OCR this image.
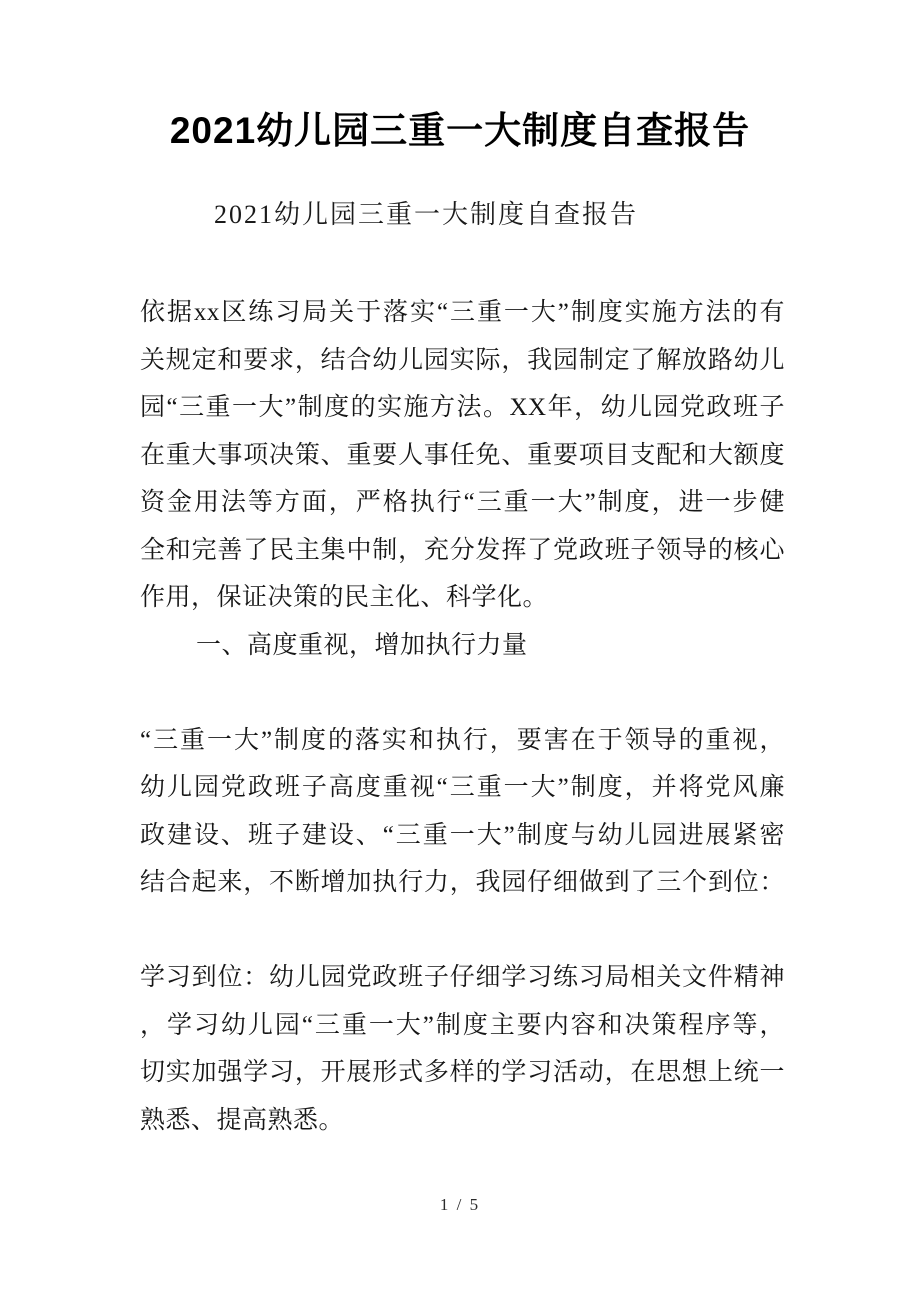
2021幼儿园三重一大制度自查报告
2021幼儿园三重一大制度自查报告
依据xx区练习局关于落实“三重一大”制度实施方法的有
关规定和要求，结合幼儿园实际，我园制定了解放路幼儿
园“三重一大”制度的实施方法。XX年，幼儿园党政班子
在重大事项决策、重要人事任免、重要项目支配和大额度
资金用法等方面，严格执行“三重一大”制度，进一步健
全和完善了民主集中制，充分发挥了党政班子领导的核心
作用，保证决策的民主化、科学化。
一、高度重视，增加执行力量
“三重一大”制度的落实和执行，要害在于领导的重视，
幼儿园党政班子高度重视“三重一大”制度，并将党风廉
政建设、班子建设、“三重一大”制度与幼儿园进展紧密
结合起来，不断增加执行力，我园仔细做到了三个到位：
学习到位：幼儿园党政班子仔细学习练习局相关文件精神
，学习幼儿园“三重一大”制度主要内容和决策程序等，
切实加强学习，开展形式多样的学习活动，在思想上统一
熟悉、提高熟悉。
1 / 5
